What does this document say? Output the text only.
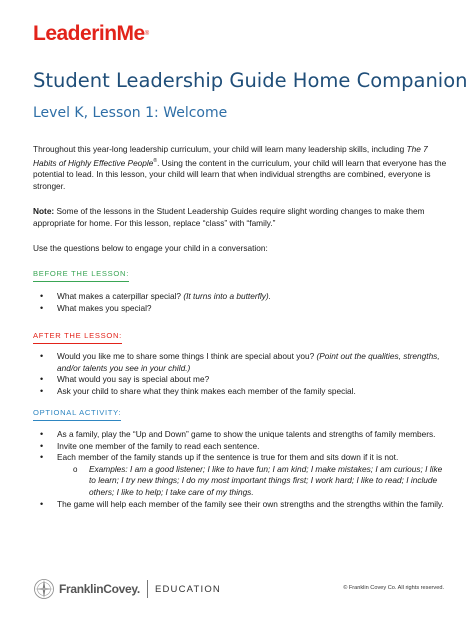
LeaderinMe®
Student Leadership Guide Home Companion
Level K, Lesson 1: Welcome
Throughout this year-long leadership curriculum, your child will learn many leadership skills, including The 7 Habits of Highly Effective People®. Using the content in the curriculum, your child will learn that everyone has the potential to lead. In this lesson, your child will learn that when individual strengths are combined, everyone is stronger.
Note: Some of the lessons in the Student Leadership Guides require slight wording changes to make them appropriate for home. For this lesson, replace “class” with “family.”
Use the questions below to engage your child in a conversation:
BEFORE THE LESSON:
• What makes a caterpillar special? (It turns into a butterfly).
• What makes you special?
AFTER THE LESSON:
• Would you like me to share some things I think are special about you? (Point out the qualities, strengths, and/or talents you see in your child.)
• What would you say is special about me?
• Ask your child to share what they think makes each member of the family special.
OPTIONAL ACTIVITY:
• As a family, play the “Up and Down” game to show the unique talents and strengths of family members.
• Invite one member of the family to read each sentence.
• Each member of the family stands up if the sentence is true for them and sits down if it is not.
o Examples: I am a good listener; I like to have fun; I am kind; I make mistakes; I am curious; I like to learn; I try new things; I do my most important things first; I work hard; I like to read; I include others; I like to help; I take care of my things.
• The game will help each member of the family see their own strengths and the strengths within the family.
FranklinCovey. EDUCATION	© Franklin Covey Co. All rights reserved.
